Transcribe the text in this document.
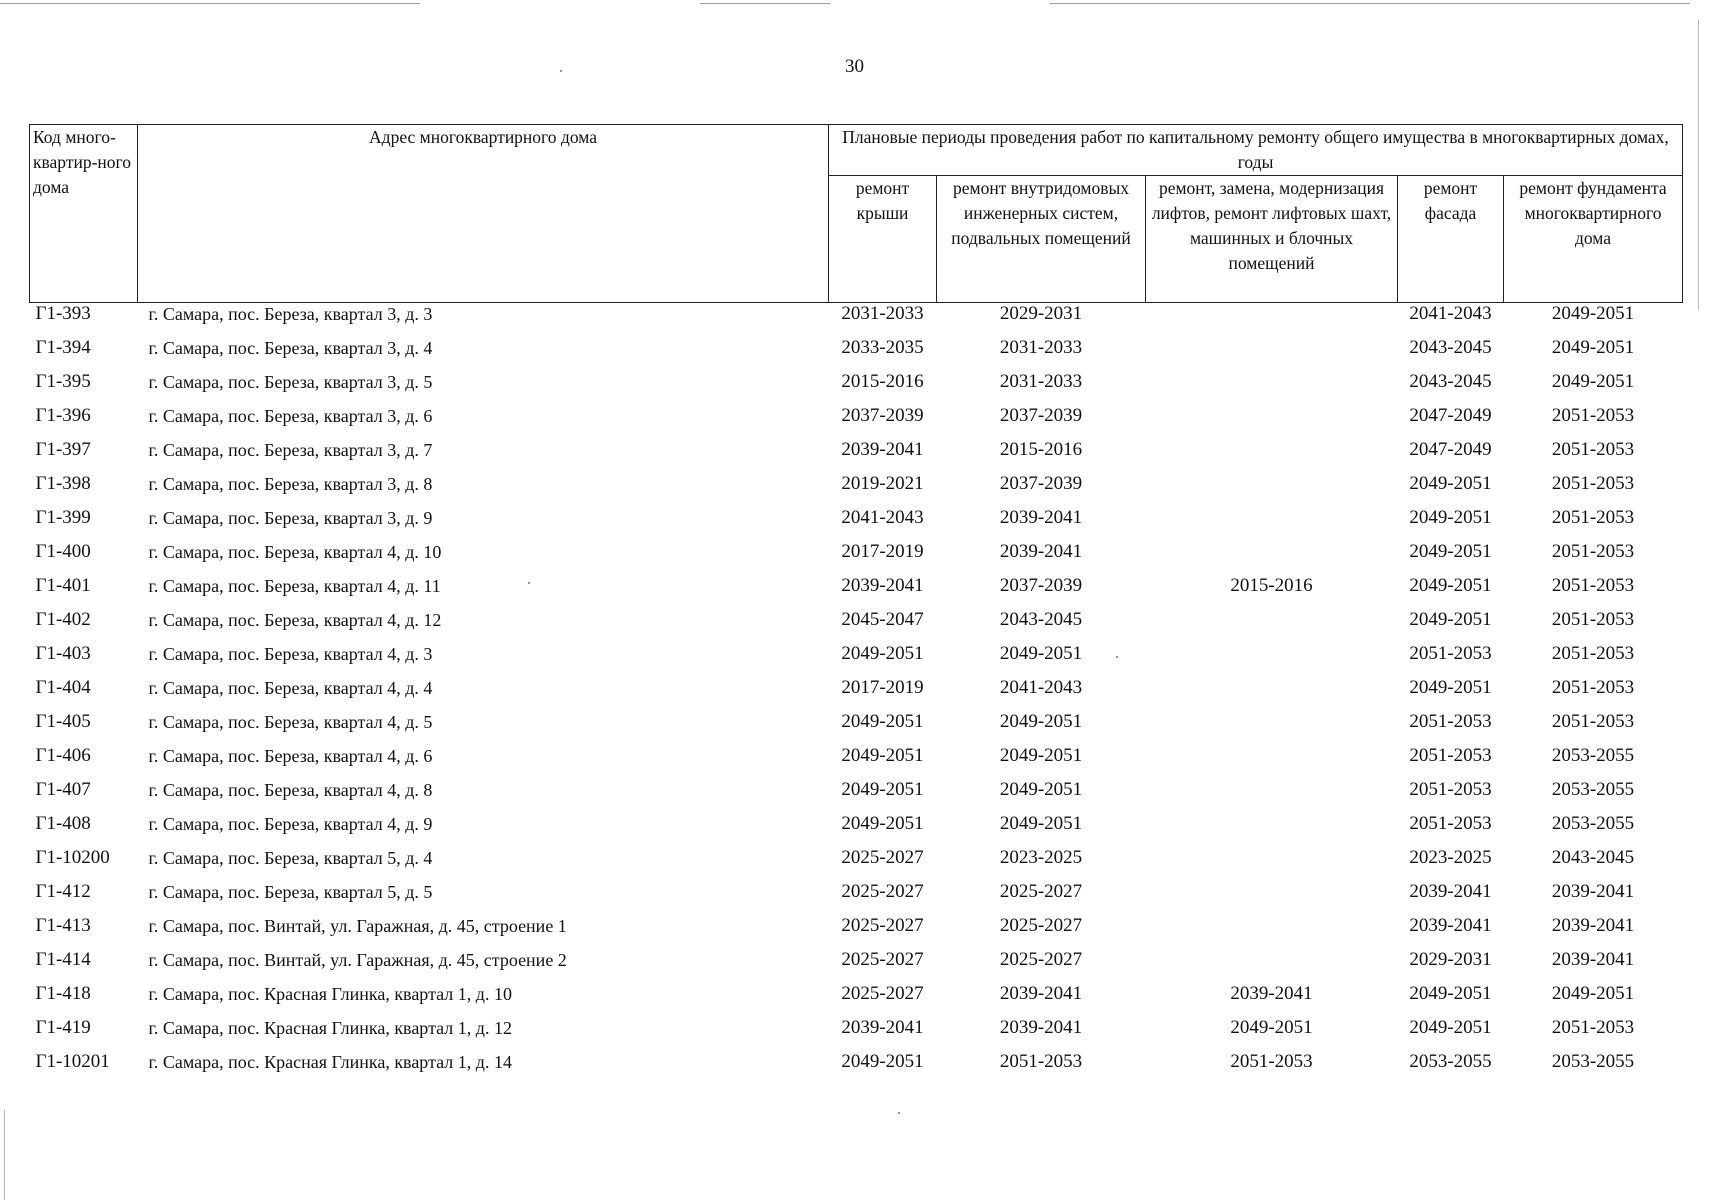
30
Код много-квартир-ного дома	Адрес многоквартирного дома	Плановые периоды проведения работ по капитальному ремонту общего имущества в многоквартирных домах, годы				
		ремонт крыши	ремонт внутридомовых инженерных систем, подвальных помещений	ремонт, замена, модернизация лифтов, ремонт лифтовых шахт, машинных и блочных помещений	ремонт фасада	ремонт фундамента многоквартирного дома
Г1-393	г. Самара, пос. Береза, квартал 3, д. 3	2031-2033	2029-2031		2041-2043	2049-2051
Г1-394	г. Самара, пос. Береза, квартал 3, д. 4	2033-2035	2031-2033		2043-2045	2049-2051
Г1-395	г. Самара, пос. Береза, квартал 3, д. 5	2015-2016	2031-2033		2043-2045	2049-2051
Г1-396	г. Самара, пос. Береза, квартал 3, д. 6	2037-2039	2037-2039		2047-2049	2051-2053
Г1-397	г. Самара, пос. Береза, квартал 3, д. 7	2039-2041	2015-2016		2047-2049	2051-2053
Г1-398	г. Самара, пос. Береза, квартал 3, д. 8	2019-2021	2037-2039		2049-2051	2051-2053
Г1-399	г. Самара, пос. Береза, квартал 3, д. 9	2041-2043	2039-2041		2049-2051	2051-2053
Г1-400	г. Самара, пос. Береза, квартал 4, д. 10	2017-2019	2039-2041		2049-2051	2051-2053
Г1-401	г. Самара, пос. Береза, квартал 4, д. 11	2039-2041	2037-2039	2015-2016	2049-2051	2051-2053
Г1-402	г. Самара, пос. Береза, квартал 4, д. 12	2045-2047	2043-2045		2049-2051	2051-2053
Г1-403	г. Самара, пос. Береза, квартал 4, д. 3	2049-2051	2049-2051		2051-2053	2051-2053
Г1-404	г. Самара, пос. Береза, квартал 4, д. 4	2017-2019	2041-2043		2049-2051	2051-2053
Г1-405	г. Самара, пос. Береза, квартал 4, д. 5	2049-2051	2049-2051		2051-2053	2051-2053
Г1-406	г. Самара, пос. Береза, квартал 4, д. 6	2049-2051	2049-2051		2051-2053	2053-2055
Г1-407	г. Самара, пос. Береза, квартал 4, д. 8	2049-2051	2049-2051		2051-2053	2053-2055
Г1-408	г. Самара, пос. Береза, квартал 4, д. 9	2049-2051	2049-2051		2051-2053	2053-2055
Г1-10200	г. Самара, пос. Береза, квартал 5, д. 4	2025-2027	2023-2025		2023-2025	2043-2045
Г1-412	г. Самара, пос. Береза, квартал 5, д. 5	2025-2027	2025-2027		2039-2041	2039-2041
Г1-413	г. Самара, пос. Винтай, ул. Гаражная, д. 45, строение 1	2025-2027	2025-2027		2039-2041	2039-2041
Г1-414	г. Самара, пос. Винтай, ул. Гаражная, д. 45, строение 2	2025-2027	2025-2027		2029-2031	2039-2041
Г1-418	г. Самара, пос. Красная Глинка, квартал 1, д. 10	2025-2027	2039-2041	2039-2041	2049-2051	2049-2051
Г1-419	г. Самара, пос. Красная Глинка, квартал 1, д. 12	2039-2041	2039-2041	2049-2051	2049-2051	2051-2053
Г1-10201	г. Самара, пос. Красная Глинка, квартал 1, д. 14	2049-2051	2051-2053	2051-2053	2053-2055	2053-2055
